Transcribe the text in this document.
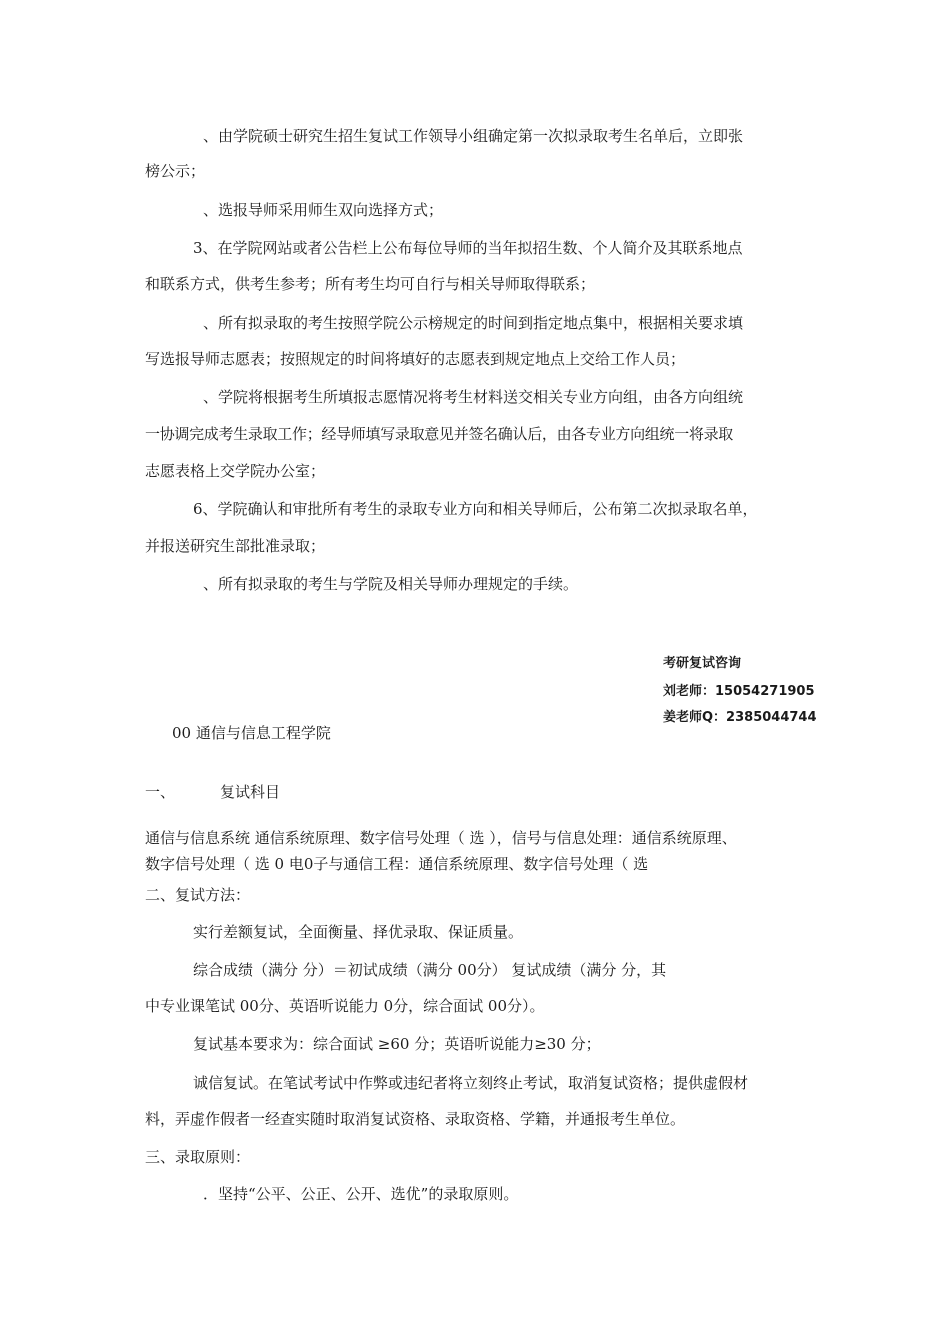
、由学院硕士研究生招生复试工作领导小组确定第一次拟录取考生名单后，立即张
榜公示；
、选报导师采用师生双向选择方式；
3、在学院网站或者公告栏上公布每位导师的当年拟招生数、个人简介及其联系地点
和联系方式，供考生参考；所有考生均可自行与相关导师取得联系；
、所有拟录取的考生按照学院公示榜规定的时间到指定地点集中，根据相关要求填
写选报导师志愿表；按照规定的时间将填好的志愿表到规定地点上交给工作人员；
、学院将根据考生所填报志愿情况将考生材料送交相关专业方向组，由各方向组统
一协调完成考生录取工作；经导师填写录取意见并签名确认后，由各专业方向组统一将录取
志愿表格上交学院办公室；
6、学院确认和审批所有考生的录取专业方向和相关导师后，公布第二次拟录取名单，
并报送研究生部批准录取；
、所有拟录取的考生与学院及相关导师办理规定的手续。
考研复试咨询
刘老师：15054271905
姜老师Q：2385044744
00 通信与信息工程学院
一、	复试科目
通信与信息系统 通信系统原理、数字信号处理（ 选 ），信号与信息处理：通信系统原理、
数字信号处理（ 选 0 电0子与通信工程：通信系统原理、数字信号处理（ 选
二、复试方法：
实行差额复试，全面衡量、择优录取、保证质量。
综合成绩（满分 分）＝初试成绩（满分 00分） 复试成绩（满分 分，其
中专业课笔试 00分、英语听说能力 0分，综合面试 00分）。
复试基本要求为：综合面试 ≥60 分；英语听说能力≥30 分；
诚信复试。在笔试考试中作弊或违纪者将立刻终止考试，取消复试资格；提供虚假材
料，弄虚作假者一经查实随时取消复试资格、录取资格、学籍，并通报考生单位。
三、录取原则：
．坚持“公平、公正、公开、选优”的录取原则。
